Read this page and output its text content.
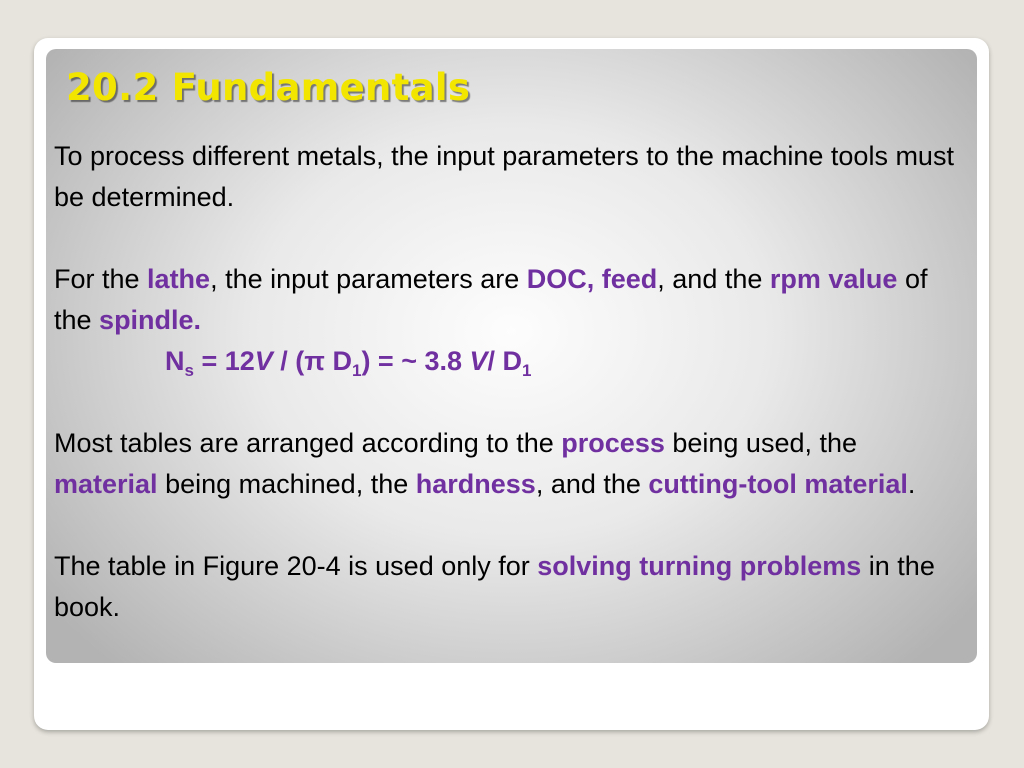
20.2 Fundamentals

To process different metals, the input parameters to the machine tools must be determined.

For the lathe, the input parameters are DOC, feed, and the rpm value of the spindle.

$N_s = 12V / (\pi$ $D_1$) = ~ 3.8 V/ $D_1$

Most tables are arranged according to the process being used, the material being machined, the hardness, and the cutting-tool material.

The table in Figure 20-4 is used only for solving turning problems in the book.
